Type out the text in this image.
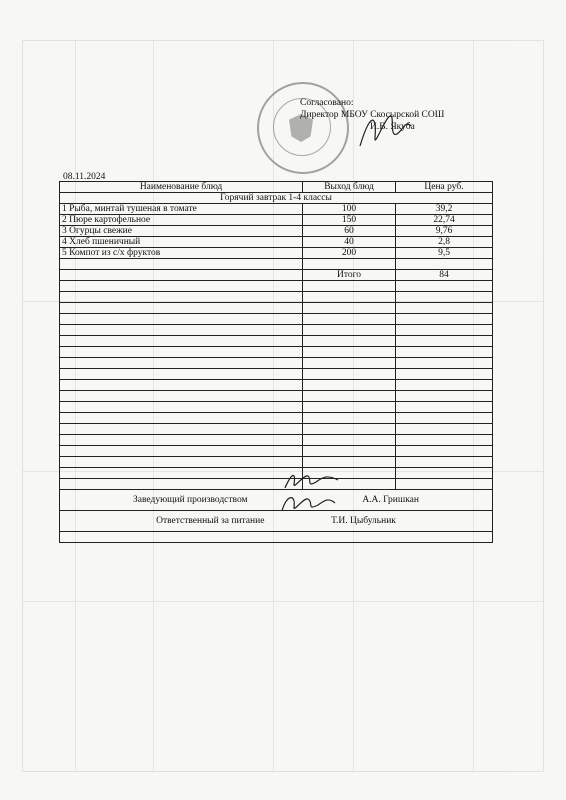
Согласовано:
Директор МБОУ Скосырской СОШ
И.В. Якуба
08.11.2024
Наименование блюд	Выход блюд	Цена руб.
Горячий завтрак 1-4 классы		
1 Рыба, минтай тушеная в томате	100	39,2
2 Пюре картофельное	150	22,74
3 Огурцы свежие	60	9,76
4 Хлеб пшеничный	40	2,8
5 Компот из с/х фруктов	200	9,5

	Итого	84

Заведующий производством А.А. Гришкан		
Ответственный за питание Т.И. Цыбульник		
